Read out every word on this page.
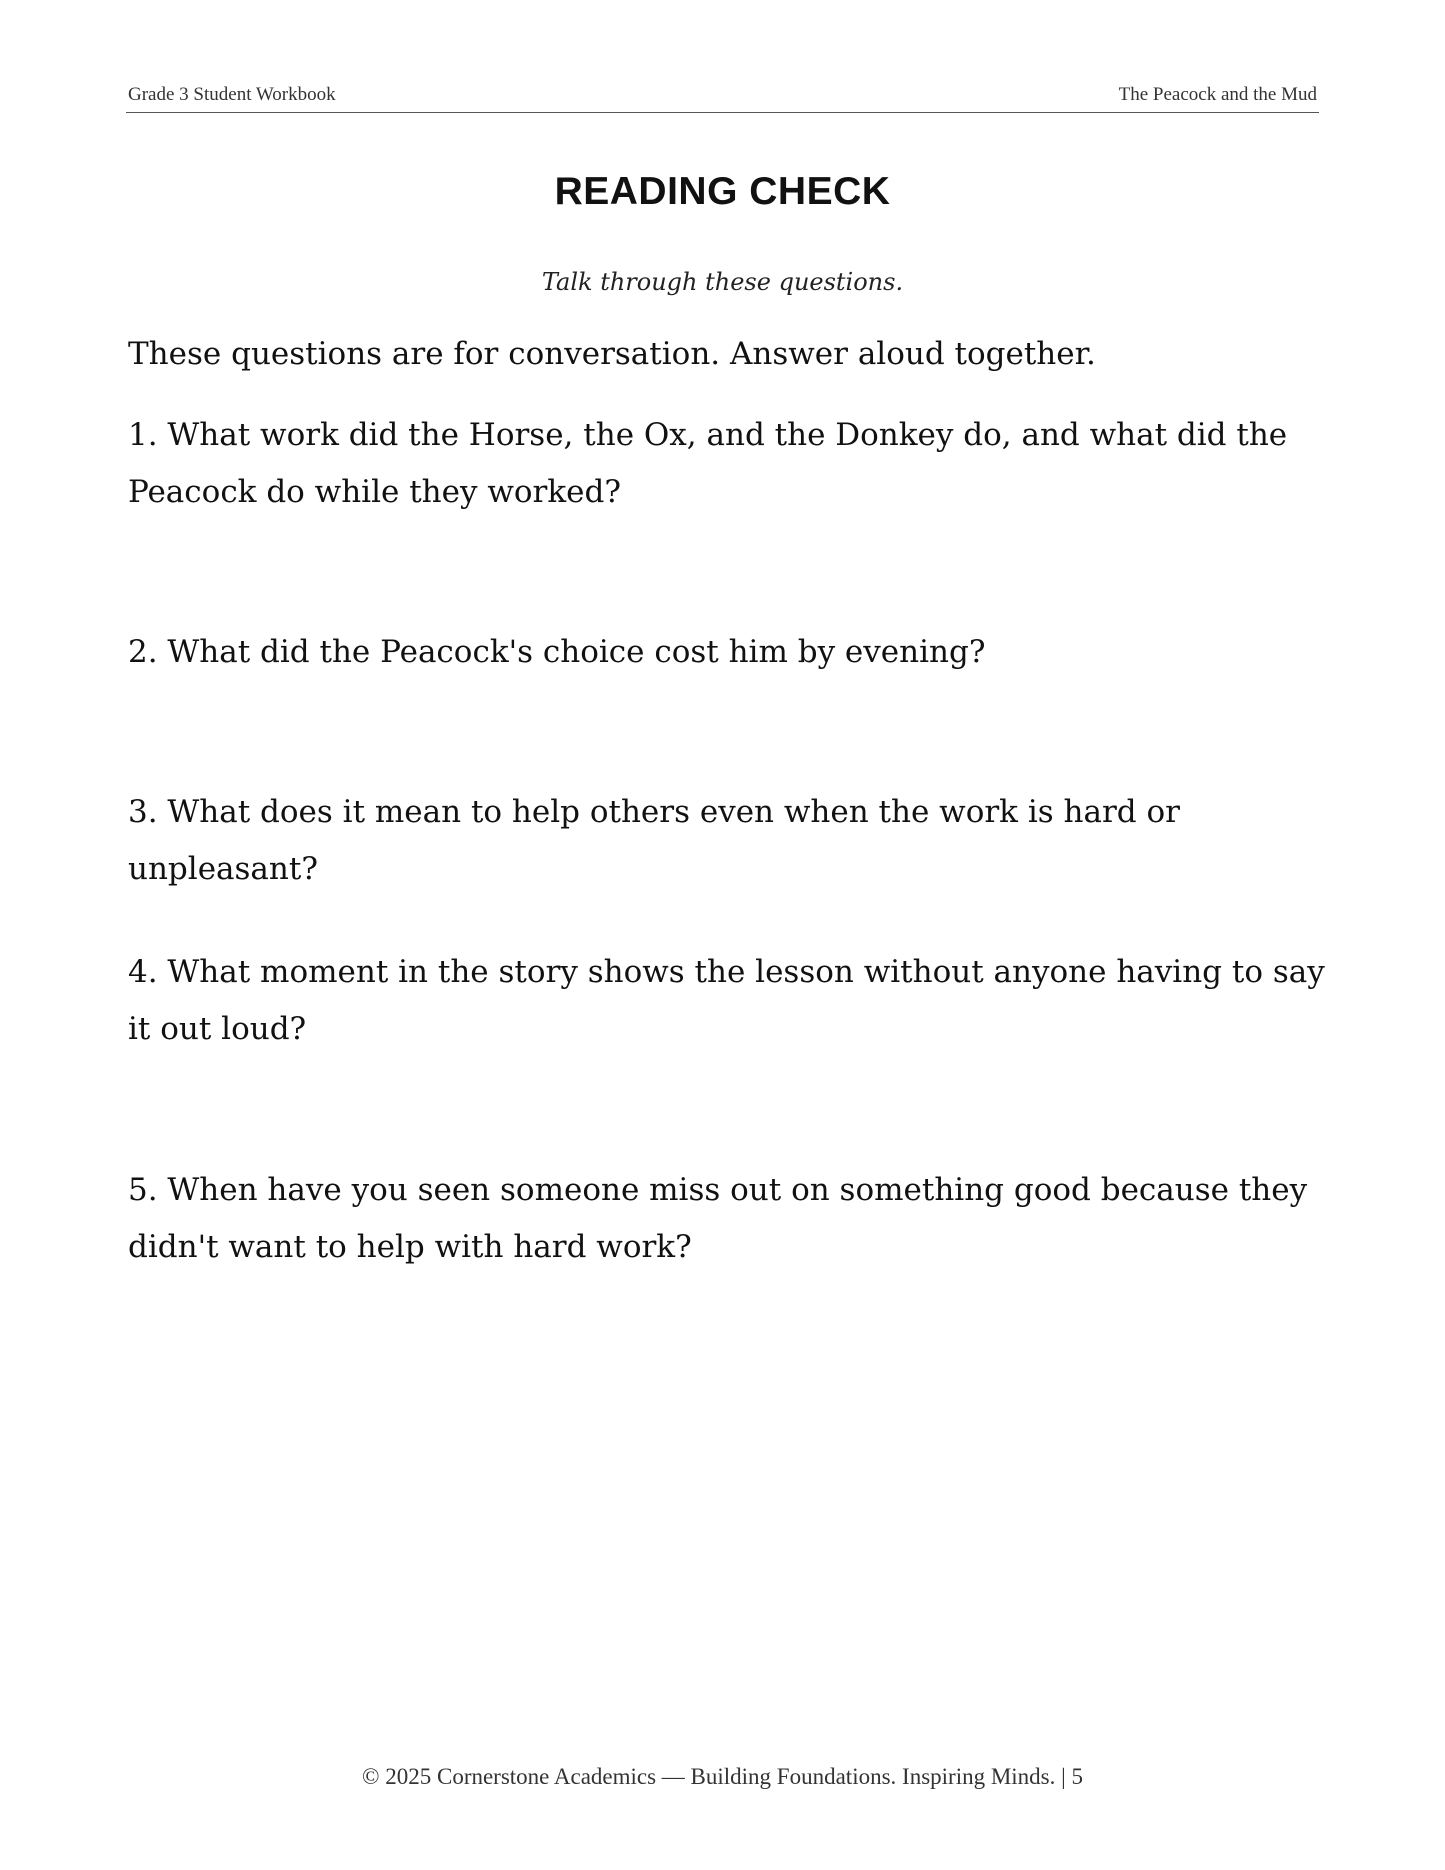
Grade 3 Student Workbook	The Peacock and the Mud
READING CHECK
Talk through these questions.
These questions are for conversation. Answer aloud together.
1. What work did the Horse, the Ox, and the Donkey do, and what did the Peacock do while they worked?
2. What did the Peacock's choice cost him by evening?
3. What does it mean to help others even when the work is hard or unpleasant?
4. What moment in the story shows the lesson without anyone having to say it out loud?
5. When have you seen someone miss out on something good because they didn't want to help with hard work?
© 2025 Cornerstone Academics — Building Foundations. Inspiring Minds. | 5
